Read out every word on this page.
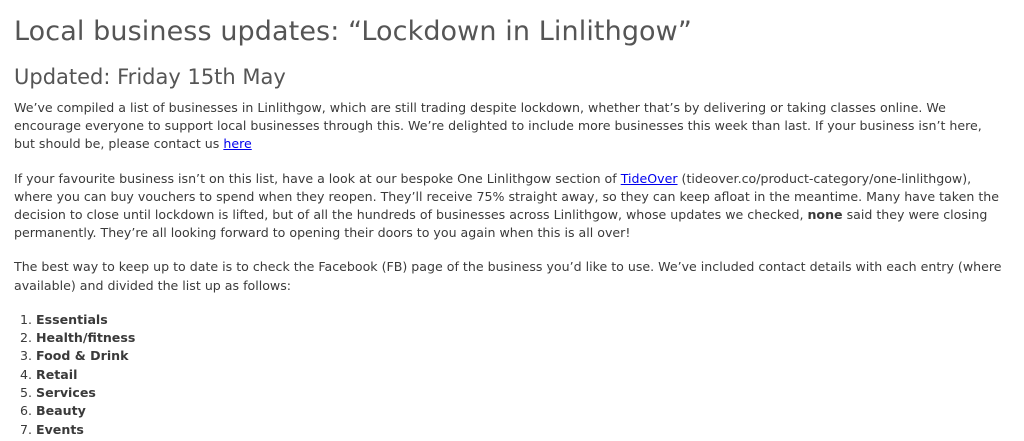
Local business updates: “Lockdown in Linlithgow”
Updated: Friday 15th May

We’ve compiled a list of businesses in Linlithgow, which are still trading despite lockdown, whether that’s by delivering or taking classes online. We encourage everyone to support local businesses through this. We’re delighted to include more businesses this week than last. If your business isn’t here, but should be, please contact us here

If your favourite business isn’t on this list, have a look at our bespoke One Linlithgow section of TideOver (tideover.co/product-category/one-linlithgow), where you can buy vouchers to spend when they reopen. They’ll receive 75% straight away, so they can keep afloat in the meantime. Many have taken the decision to close until lockdown is lifted, but of all the hundreds of businesses across Linlithgow, whose updates we checked, none said they were closing permanently. They’re all looking forward to opening their doors to you again when this is all over!

The best way to keep up to date is to check the Facebook (FB) page of the business you’d like to use. We’ve included contact details with each entry (where available) and divided the list up as follows:

1. Essentials
2. Health/fitness
3. Food & Drink
4. Retail
5. Services
6. Beauty
7. Events
